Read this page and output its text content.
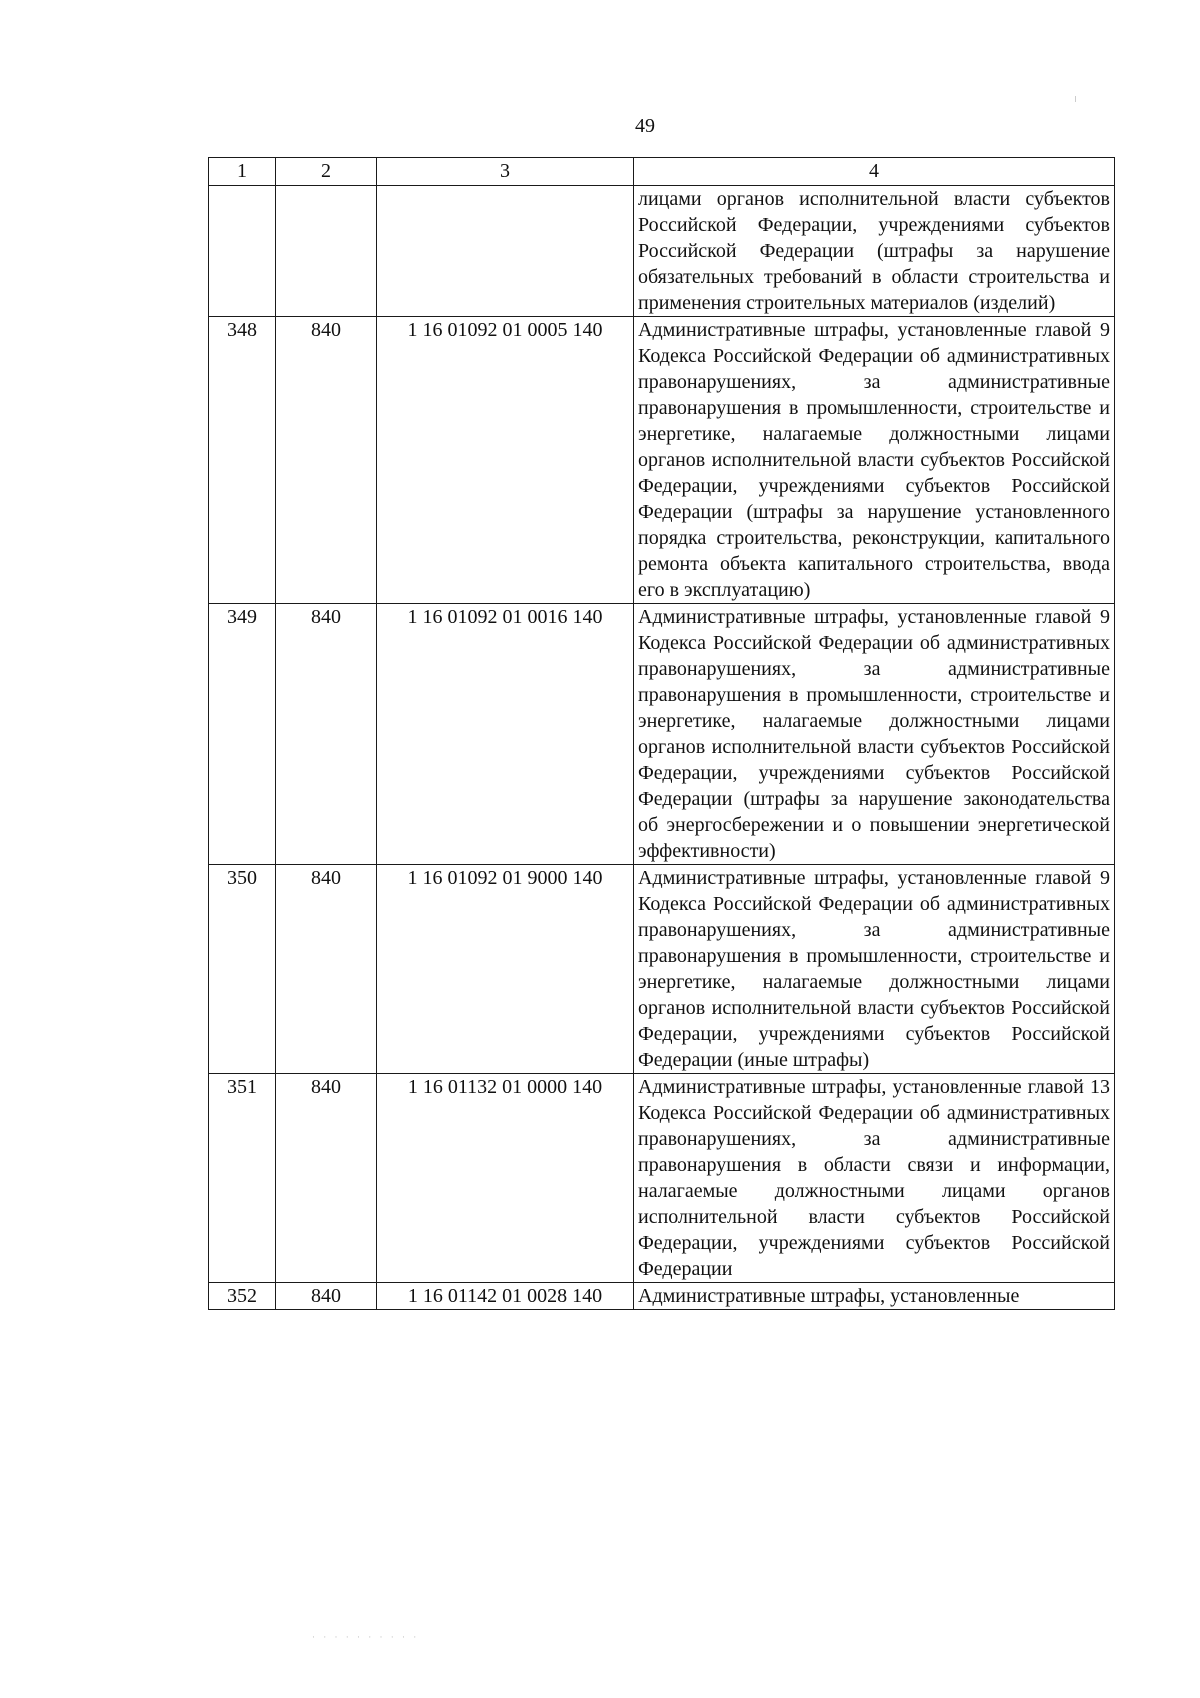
49
1	2	3	4
			лицами органов исполнительной власти субъектов Российской Федерации, учреждениями субъектов Российской Федерации (штрафы за нарушение обязательных требований в области строительства и применения строительных материалов (изделий)
348	840	1 16 01092 01 0005 140	Административные штрафы, установленные главой 9 Кодекса Российской Федерации об административных правонарушениях, за административные правонарушения в промышленности, строительстве и энергетике, налагаемые должностными лицами органов исполнительной власти субъектов Российской Федерации, учреждениями субъектов Российской Федерации (штрафы за нарушение установленного порядка строительства, реконструкции, капитального ремонта объекта капитального строительства, ввода его в эксплуатацию)
349	840	1 16 01092 01 0016 140	Административные штрафы, установленные главой 9 Кодекса Российской Федерации об административных правонарушениях, за административные правонарушения в промышленности, строительстве и энергетике, налагаемые должностными лицами органов исполнительной власти субъектов Российской Федерации, учреждениями субъектов Российской Федерации (штрафы за нарушение законодательства об энергосбережении и о повышении энергетической эффективности)
350	840	1 16 01092 01 9000 140	Административные штрафы, установленные главой 9 Кодекса Российской Федерации об административных правонарушениях, за административные правонарушения в промышленности, строительстве и энергетике, налагаемые должностными лицами органов исполнительной власти субъектов Российской Федерации, учреждениями субъектов Российской Федерации (иные штрафы)
351	840	1 16 01132 01 0000 140	Административные штрафы, установленные главой 13 Кодекса Российской Федерации об административных правонарушениях, за административные правонарушения в области связи и информации, налагаемые должностными лицами органов исполнительной власти субъектов Российской Федерации, учреждениями субъектов Российской Федерации
352	840	1 16 01142 01 0028 140	Административные штрафы, установленные
· · · · · · · · · ·
